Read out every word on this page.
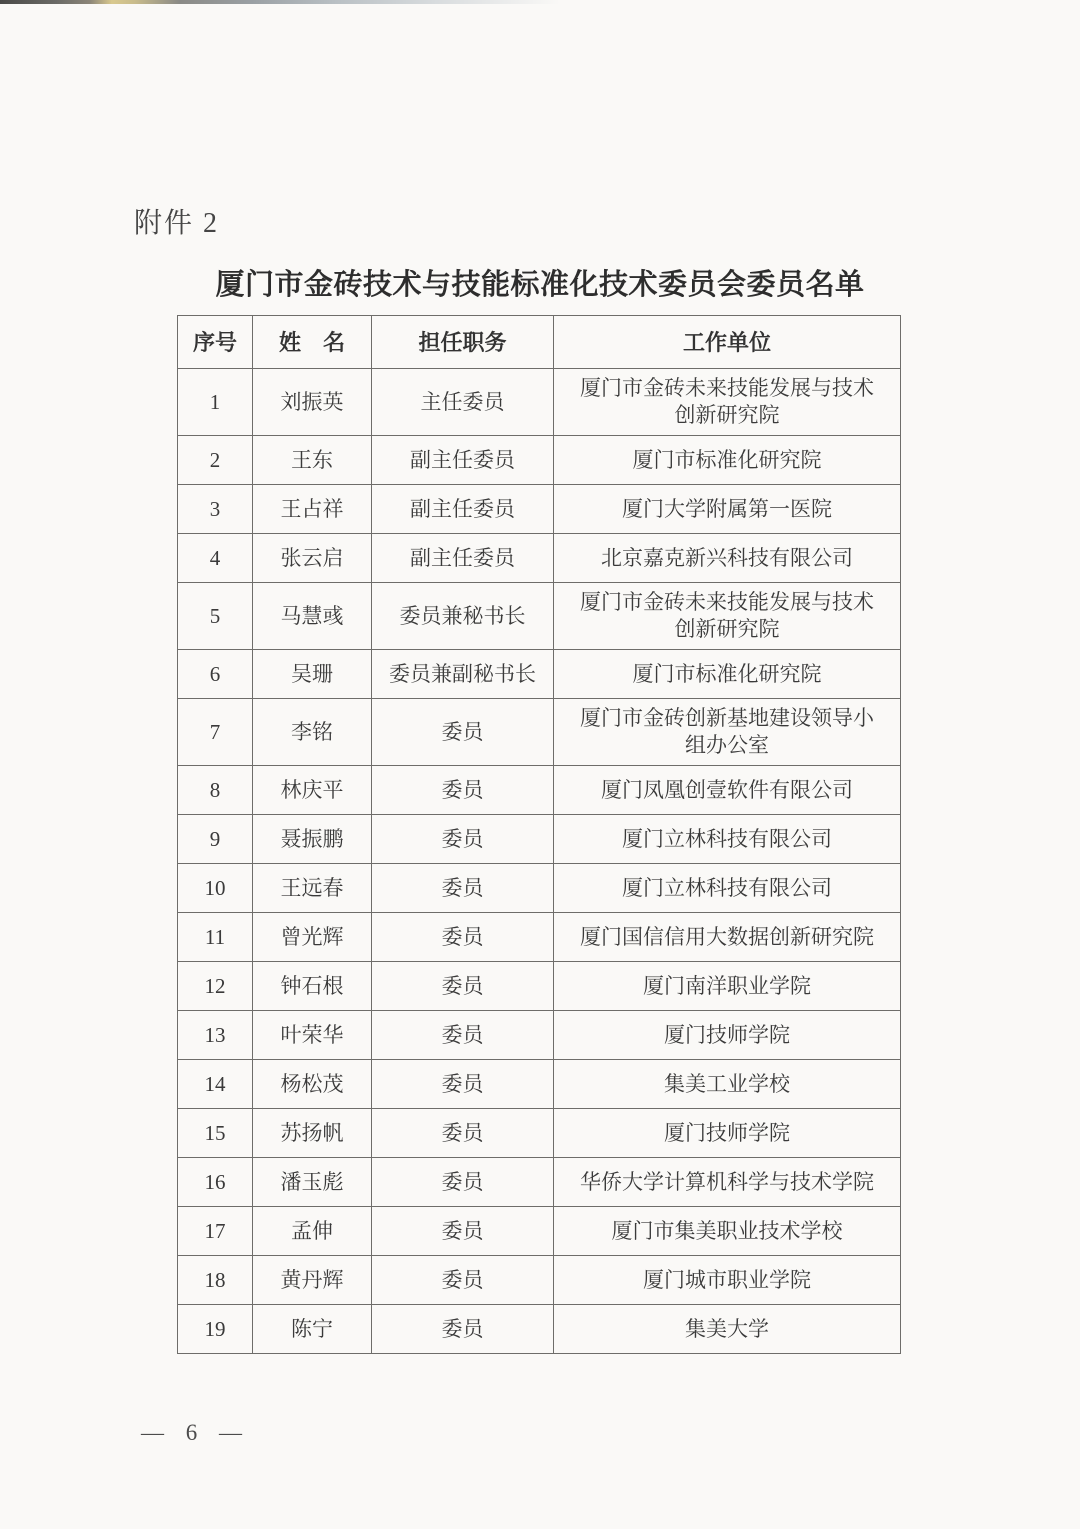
附件 2
厦门市金砖技术与技能标准化技术委员会委员名单
序号	姓　名	担任职务	工作单位
1	刘振英	主任委员	厦门市金砖未来技能发展与技术创新研究院
2	王东	副主任委员	厦门市标准化研究院
3	王占祥	副主任委员	厦门大学附属第一医院
4	张云启	副主任委员	北京嘉克新兴科技有限公司
5	马慧彧	委员兼秘书长	厦门市金砖未来技能发展与技术创新研究院
6	吴珊	委员兼副秘书长	厦门市标准化研究院
7	李铭	委员	厦门市金砖创新基地建设领导小组办公室
8	林庆平	委员	厦门凤凰创壹软件有限公司
9	聂振鹏	委员	厦门立林科技有限公司
10	王远春	委员	厦门立林科技有限公司
11	曾光辉	委员	厦门国信信用大数据创新研究院
12	钟石根	委员	厦门南洋职业学院
13	叶荣华	委员	厦门技师学院
14	杨松茂	委员	集美工业学校
15	苏扬帆	委员	厦门技师学院
16	潘玉彪	委员	华侨大学计算机科学与技术学院
17	孟伸	委员	厦门市集美职业技术学校
18	黄丹辉	委员	厦门城市职业学院
19	陈宁	委员	集美大学
— 6 —
